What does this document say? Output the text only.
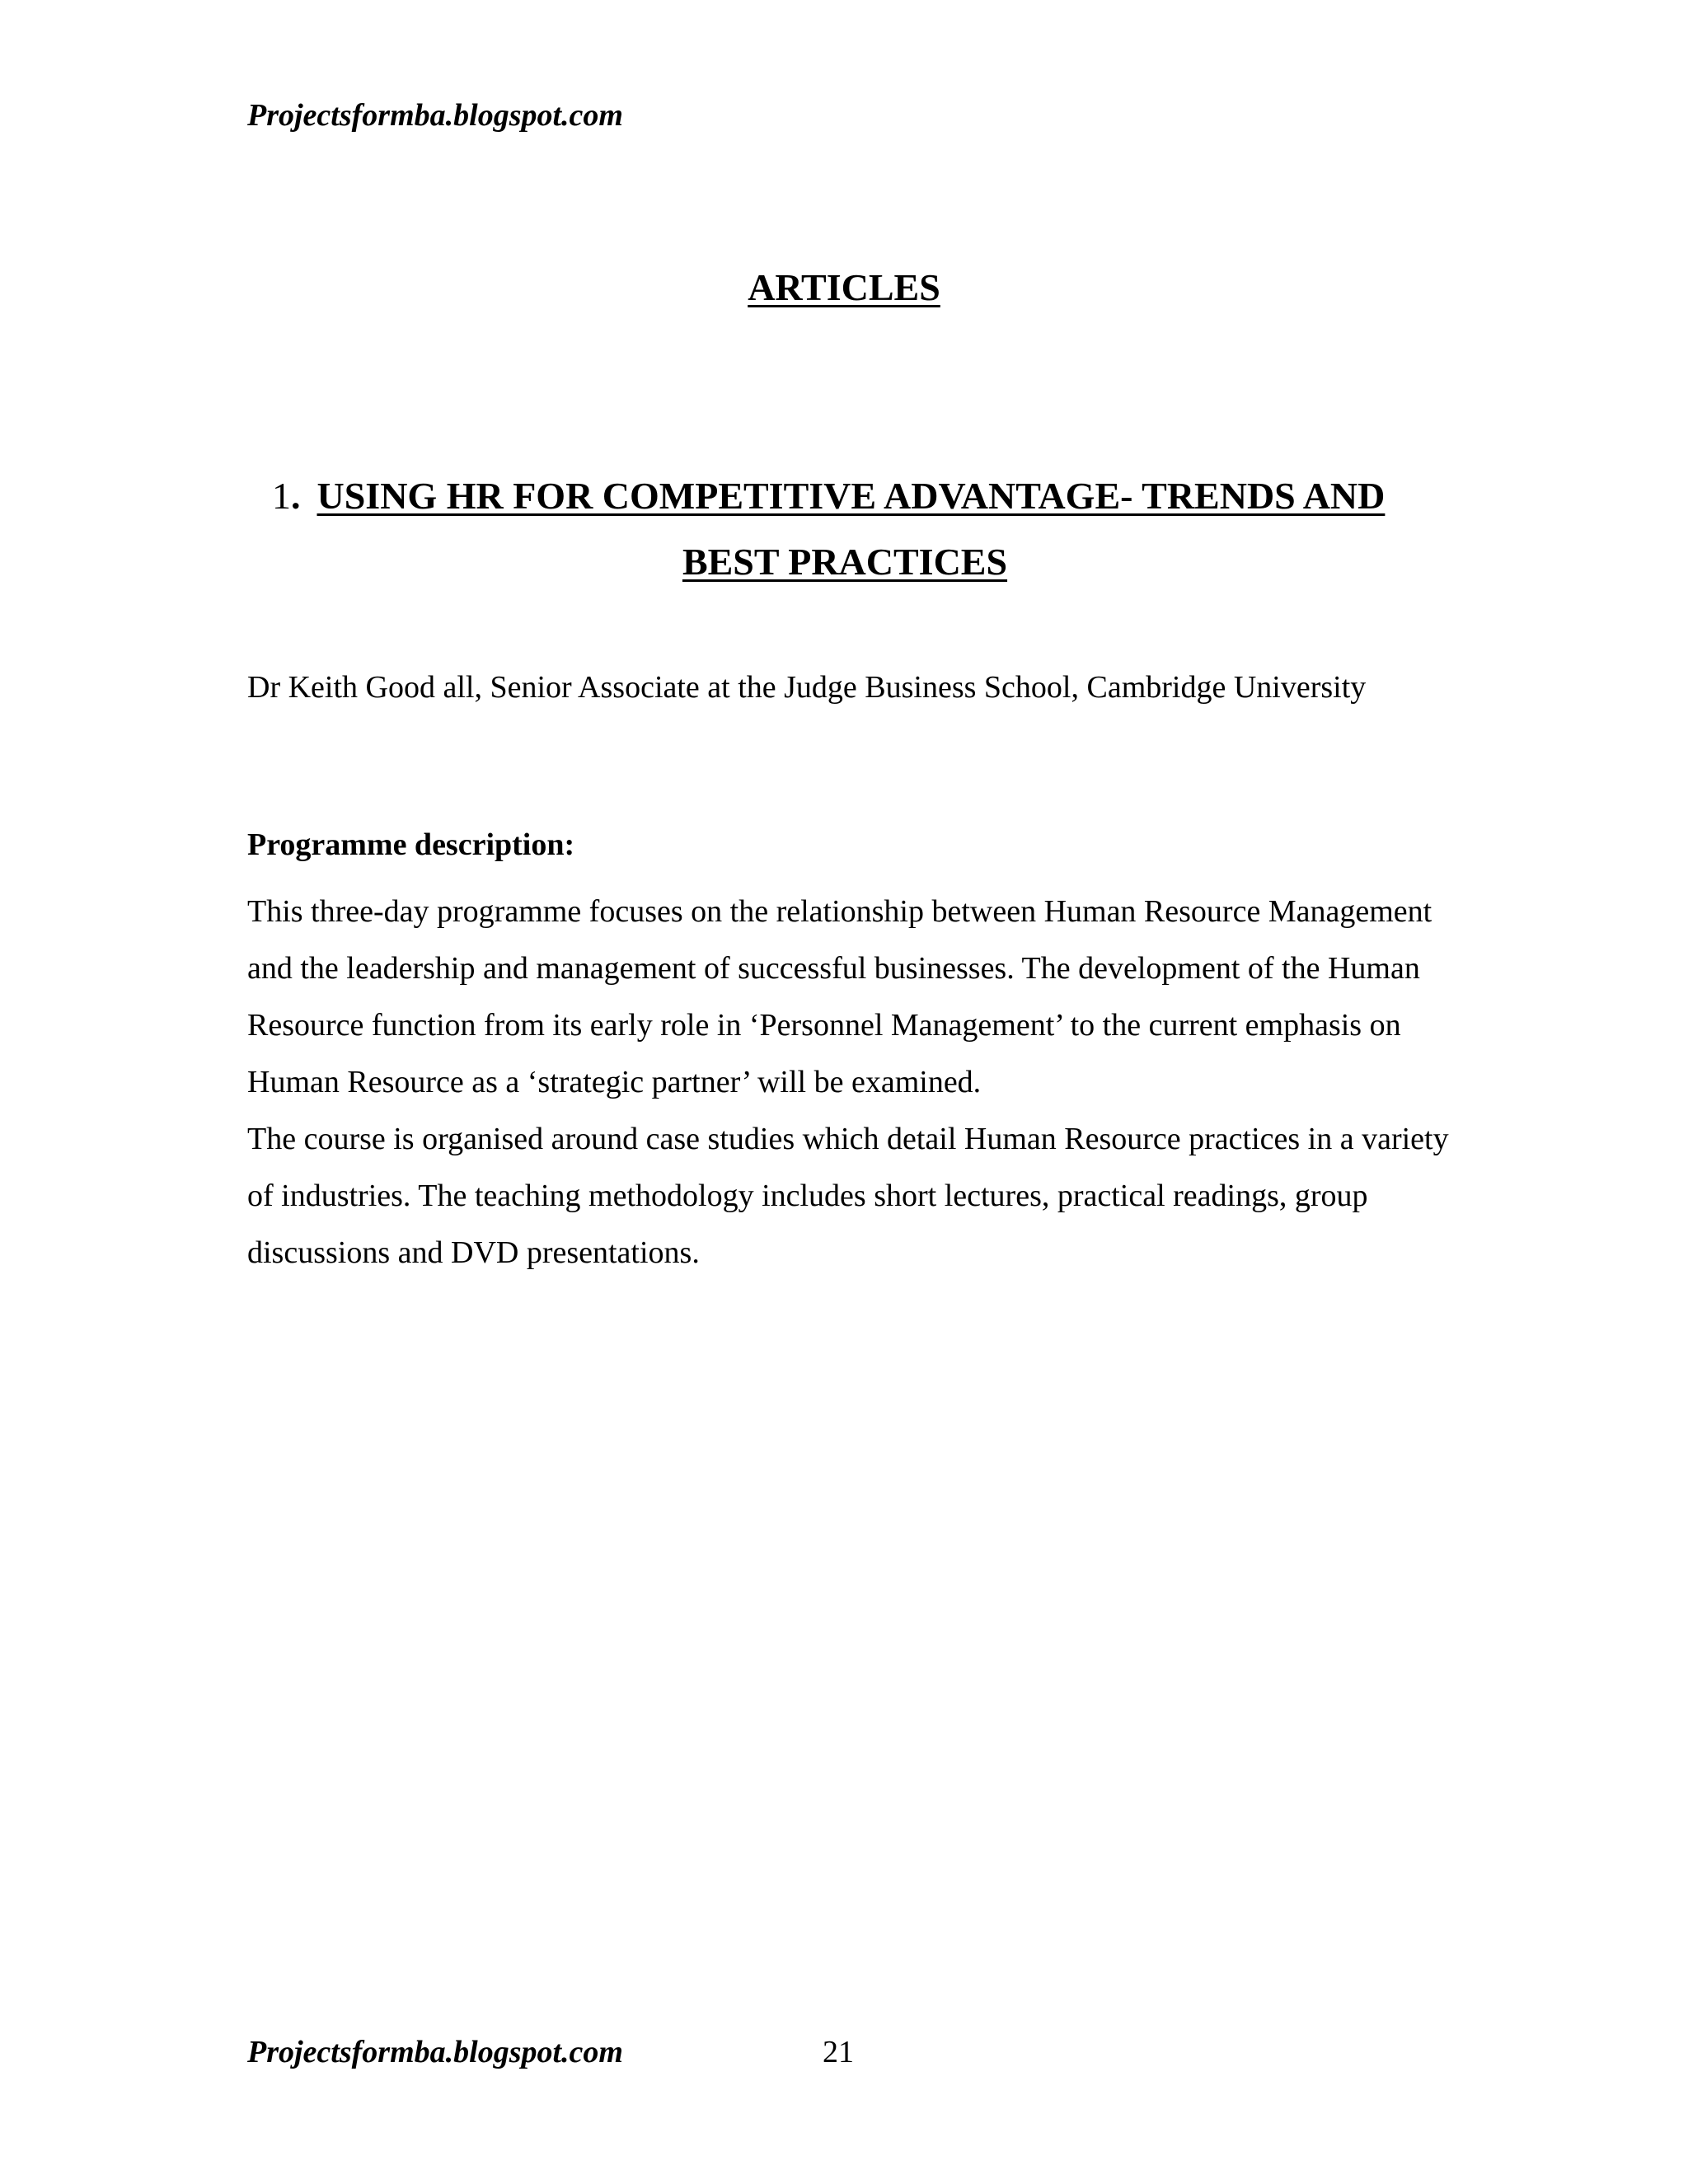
Projectsformba.blogspot.com
ARTICLES
1. USING HR FOR COMPETITIVE ADVANTAGE- TRENDS AND
BEST PRACTICES
Dr Keith Good all, Senior Associate at the Judge Business School, Cambridge University
Programme description:

This three-day programme focuses on the relationship between Human Resource Management and the leadership and management of successful businesses. The development of the Human Resource function from its early role in ‘Personnel Management’ to the current emphasis on Human Resource as a ‘strategic partner’ will be examined.

The course is organised around case studies which detail Human Resource practices in a variety of industries. The teaching methodology includes short lectures, practical readings, group discussions and DVD presentations.

Projectsformba.blogspot.com	21
